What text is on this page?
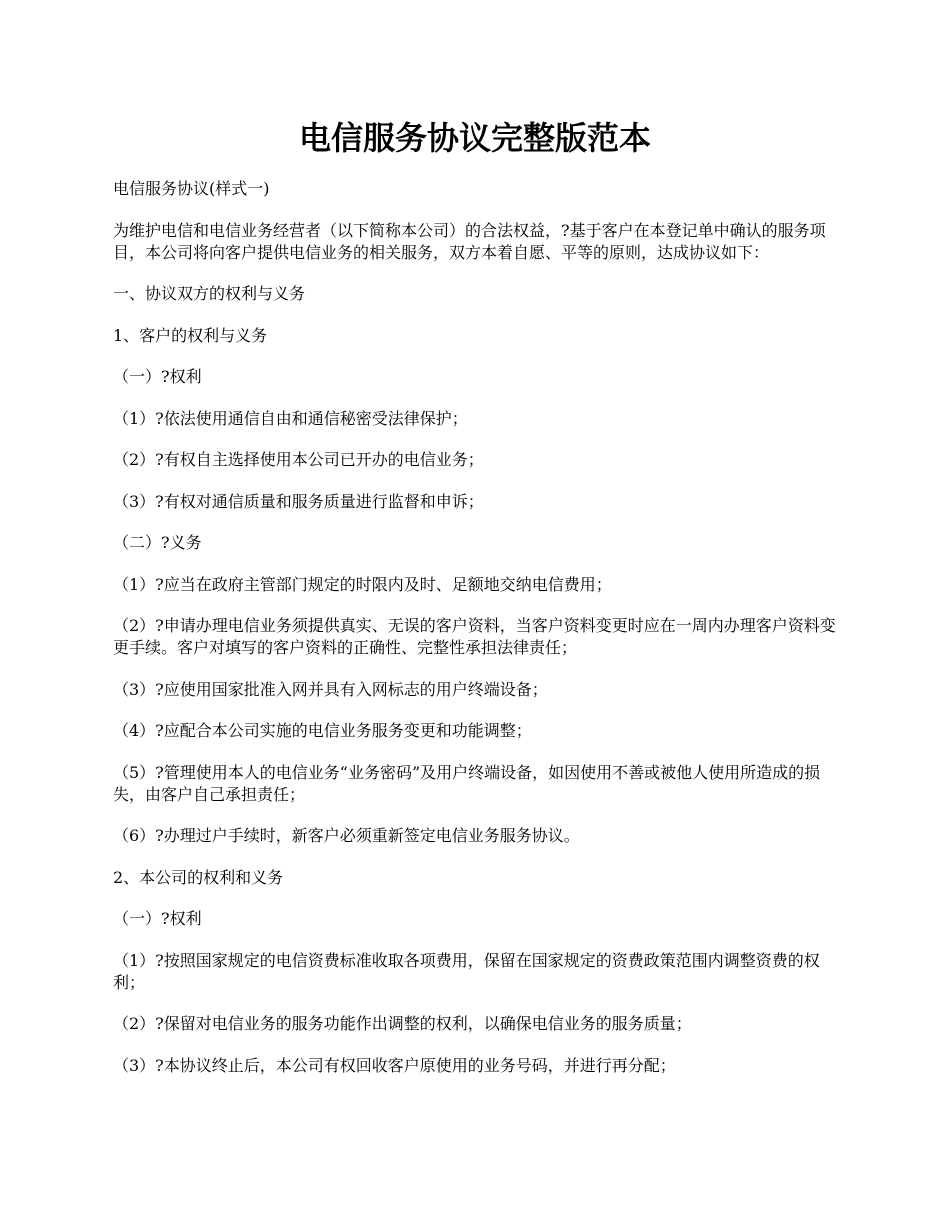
电信服务协议完整版范本

电信服务协议(样式一)

为维护电信和电信业务经营者（以下简称本公司）的合法权益，?基于客户在本登记单中确认的服务项目，本公司将向客户提供电信业务的相关服务，双方本着自愿、平等的原则，达成协议如下：

一、协议双方的权利与义务

1、客户的权利与义务

（一）?权利

（1）?依法使用通信自由和通信秘密受法律保护；

（2）?有权自主选择使用本公司已开办的电信业务；

（3）?有权对通信质量和服务质量进行监督和申诉；

（二）?义务

（1）?应当在政府主管部门规定的时限内及时、足额地交纳电信费用；

（2）?申请办理电信业务须提供真实、无误的客户资料，当客户资料变更时应在一周内办理客户资料变更手续。客户对填写的客户资料的正确性、完整性承担法律责任；

（3）?应使用国家批准入网并具有入网标志的用户终端设备；

（4）?应配合本公司实施的电信业务服务变更和功能调整；

（5）?管理使用本人的电信业务“业务密码”及用户终端设备，如因使用不善或被他人使用所造成的损失，由客户自己承担责任；

（6）?办理过户手续时，新客户必须重新签定电信业务服务协议。

2、本公司的权利和义务

（一）?权利

（1）?按照国家规定的电信资费标准收取各项费用，保留在国家规定的资费政策范围内调整资费的权利；

（2）?保留对电信业务的服务功能作出调整的权利，以确保电信业务的服务质量；

（3）?本协议终止后，本公司有权回收客户原使用的业务号码，并进行再分配；
